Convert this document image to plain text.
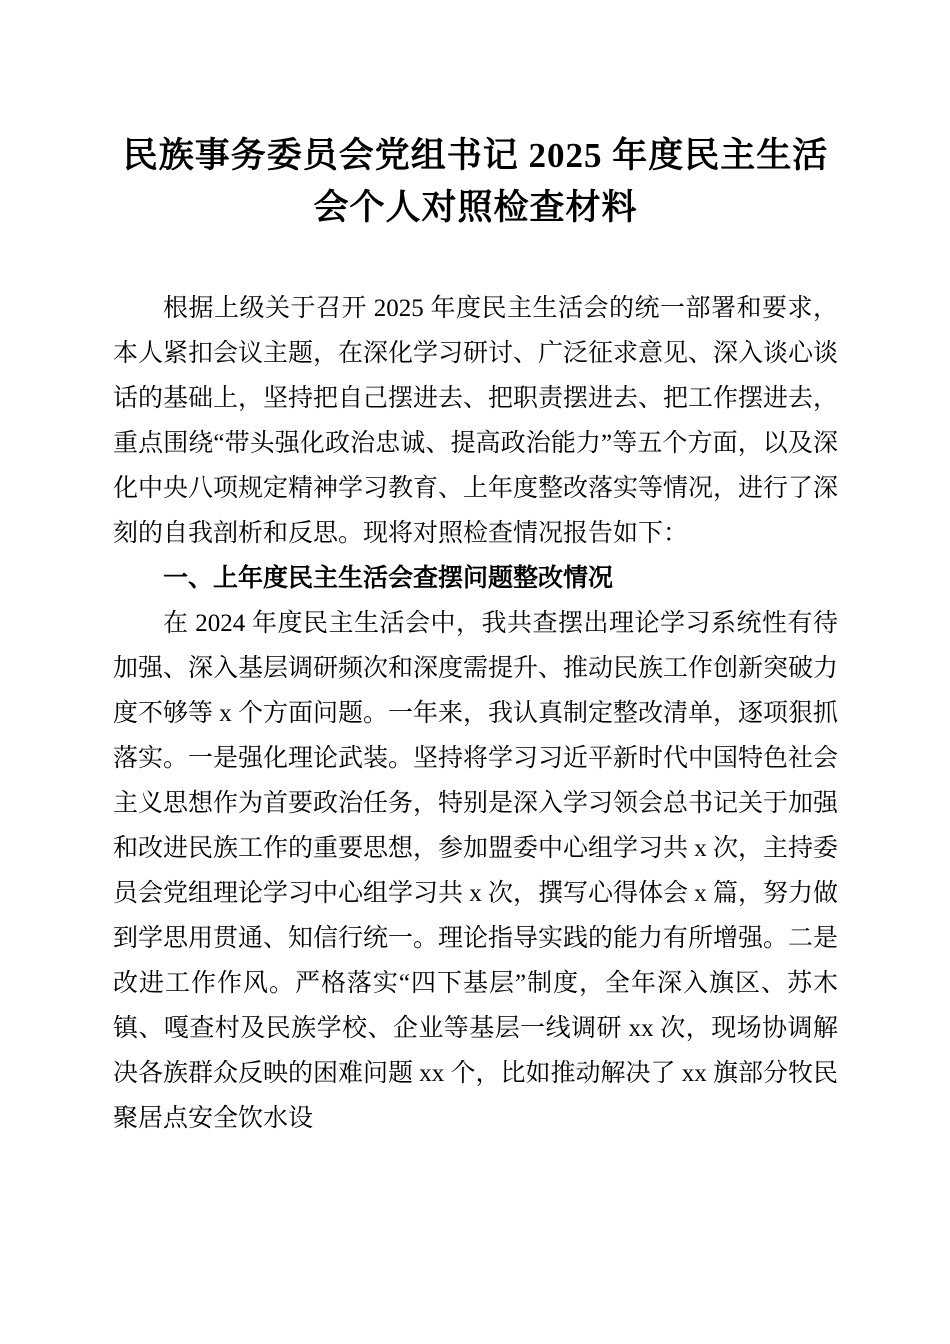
民族事务委员会党组书记 2025 年度民主生活
会个人对照检查材料

根据上级关于召开 2025 年度民主生活会的统一部署和要求，本人紧扣会议主题，在深化学习研讨、广泛征求意见、深入谈心谈话的基础上，坚持把自己摆进去、把职责摆进去、把工作摆进去，重点围绕“带头强化政治忠诚、提高政治能力”等五个方面，以及深化中央八项规定精神学习教育、上年度整改落实等情况，进行了深刻的自我剖析和反思。现将对照检查情况报告如下：

一、上年度民主生活会查摆问题整改情况

在 2024 年度民主生活会中，我共查摆出理论学习系统性有待加强、深入基层调研频次和深度需提升、推动民族工作创新突破力度不够等 x 个方面问题。一年来，我认真制定整改清单，逐项狠抓落实。一是强化理论武装。坚持将学习习近平新时代中国特色社会主义思想作为首要政治任务，特别是深入学习领会总书记关于加强和改进民族工作的重要思想，参加盟委中心组学习共 x 次，主持委员会党组理论学习中心组学习共 x 次，撰写心得体会 x 篇，努力做到学思用贯通、知信行统一。理论指导实践的能力有所增强。二是改进工作作风。严格落实“四下基层”制度，全年深入旗区、苏木镇、嘎查村及民族学校、企业等基层一线调研 xx 次，现场协调解决各族群众反映的困难问题 xx 个，比如推动解决了 xx 旗部分牧民聚居点安全饮水设
